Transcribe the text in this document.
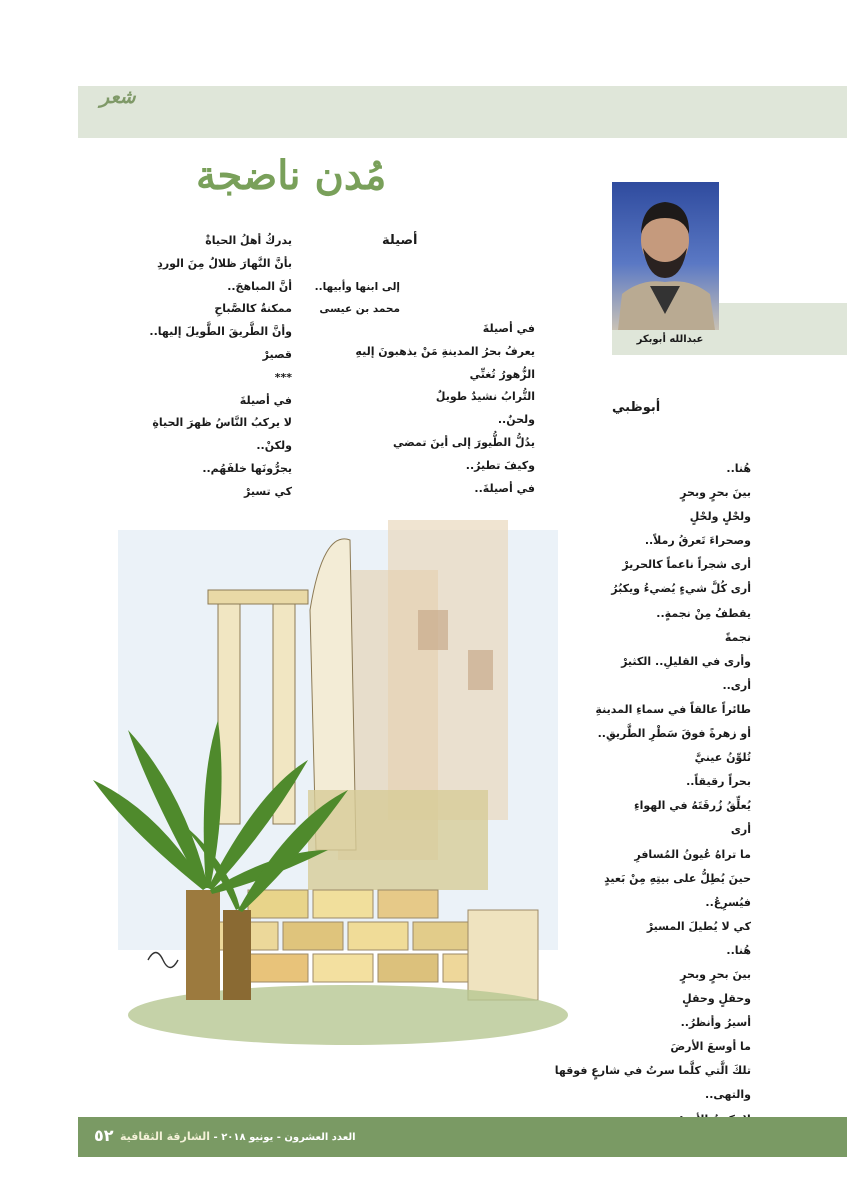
شعر
مُدن ناضجة
عبدالله أبوبكر
أصيلة
إلى ابنها وأبيها..
محمد بن عيسى
في أصيلةَ
يعرفُ بحرُ المدينةِ مَنْ يذهبونَ إليهِ
الزُّهورُ تُغنِّي
التُّرابُ نشيدٌ طويلٌ
ولحنٌ..
يدُلُّ الطُّيورَ إلى أينَ تمضي
وكيفَ تطيرُ..
في أصيلةَ..
يدركُ أهلُ الحياةْ
بأنَّ النَّهارَ ظلالٌ مِنَ الوردِ
أنَّ المباهجَ..
ممكنةٌ كالصَّباحِ
وأنَّ الطَّريقَ الطَّويلَ إليها..
قصيرْ
***
في أصيلةَ
لا يركبُ النَّاسُ ظهرَ الحياةِ
ولكنْ..
يجرُّونَها خلفَهُم..
كي تسيرْ
أبوظبي
هُنا..
بينَ بحرٍ وبحرٍ
ولحْلٍ ولحْلٍ
وصحراءَ تَعرقُ رملاً..
أرى شجراً ناعماً كالحريرْ
أرى كُلَّ شيءٍ يُضيءُ ويكبُرُ
يقطفُ مِنْ نجمةٍ..
نجمةً
وأرى في القليلِ.. الكثيرْ
أرى..
طائراً عالقاً في سماءِ المدينةِ
أو زهرةً فوقَ سَطْرِ الطَّريقِ..
تُلوِّنُ عينيَّ
بحراً رقيقاً..
يُعلِّقُ زُرقَتَهُ في الهواءِ
أرى
ما تراهُ عُيونُ المُسافرِ
حينَ يُطِلُّ على بيتِهِ مِنْ بَعيدٍ
فيُسرِعُ..
كي لا يُطيلَ المسيرْ
هُنا..
بينَ بحرٍ وبحرٍ
وحقلٍ وحقلٍ
أسيرُ وأنظرُ..
ما أوسعَ الأرضَ
تلكَ الَّتي كلَّما سرتُ في شارعٍ فوقها
والتهى..
٥٢	العدد العشرون - يونيو ٢٠١٨ - الشارقة الثقافية
